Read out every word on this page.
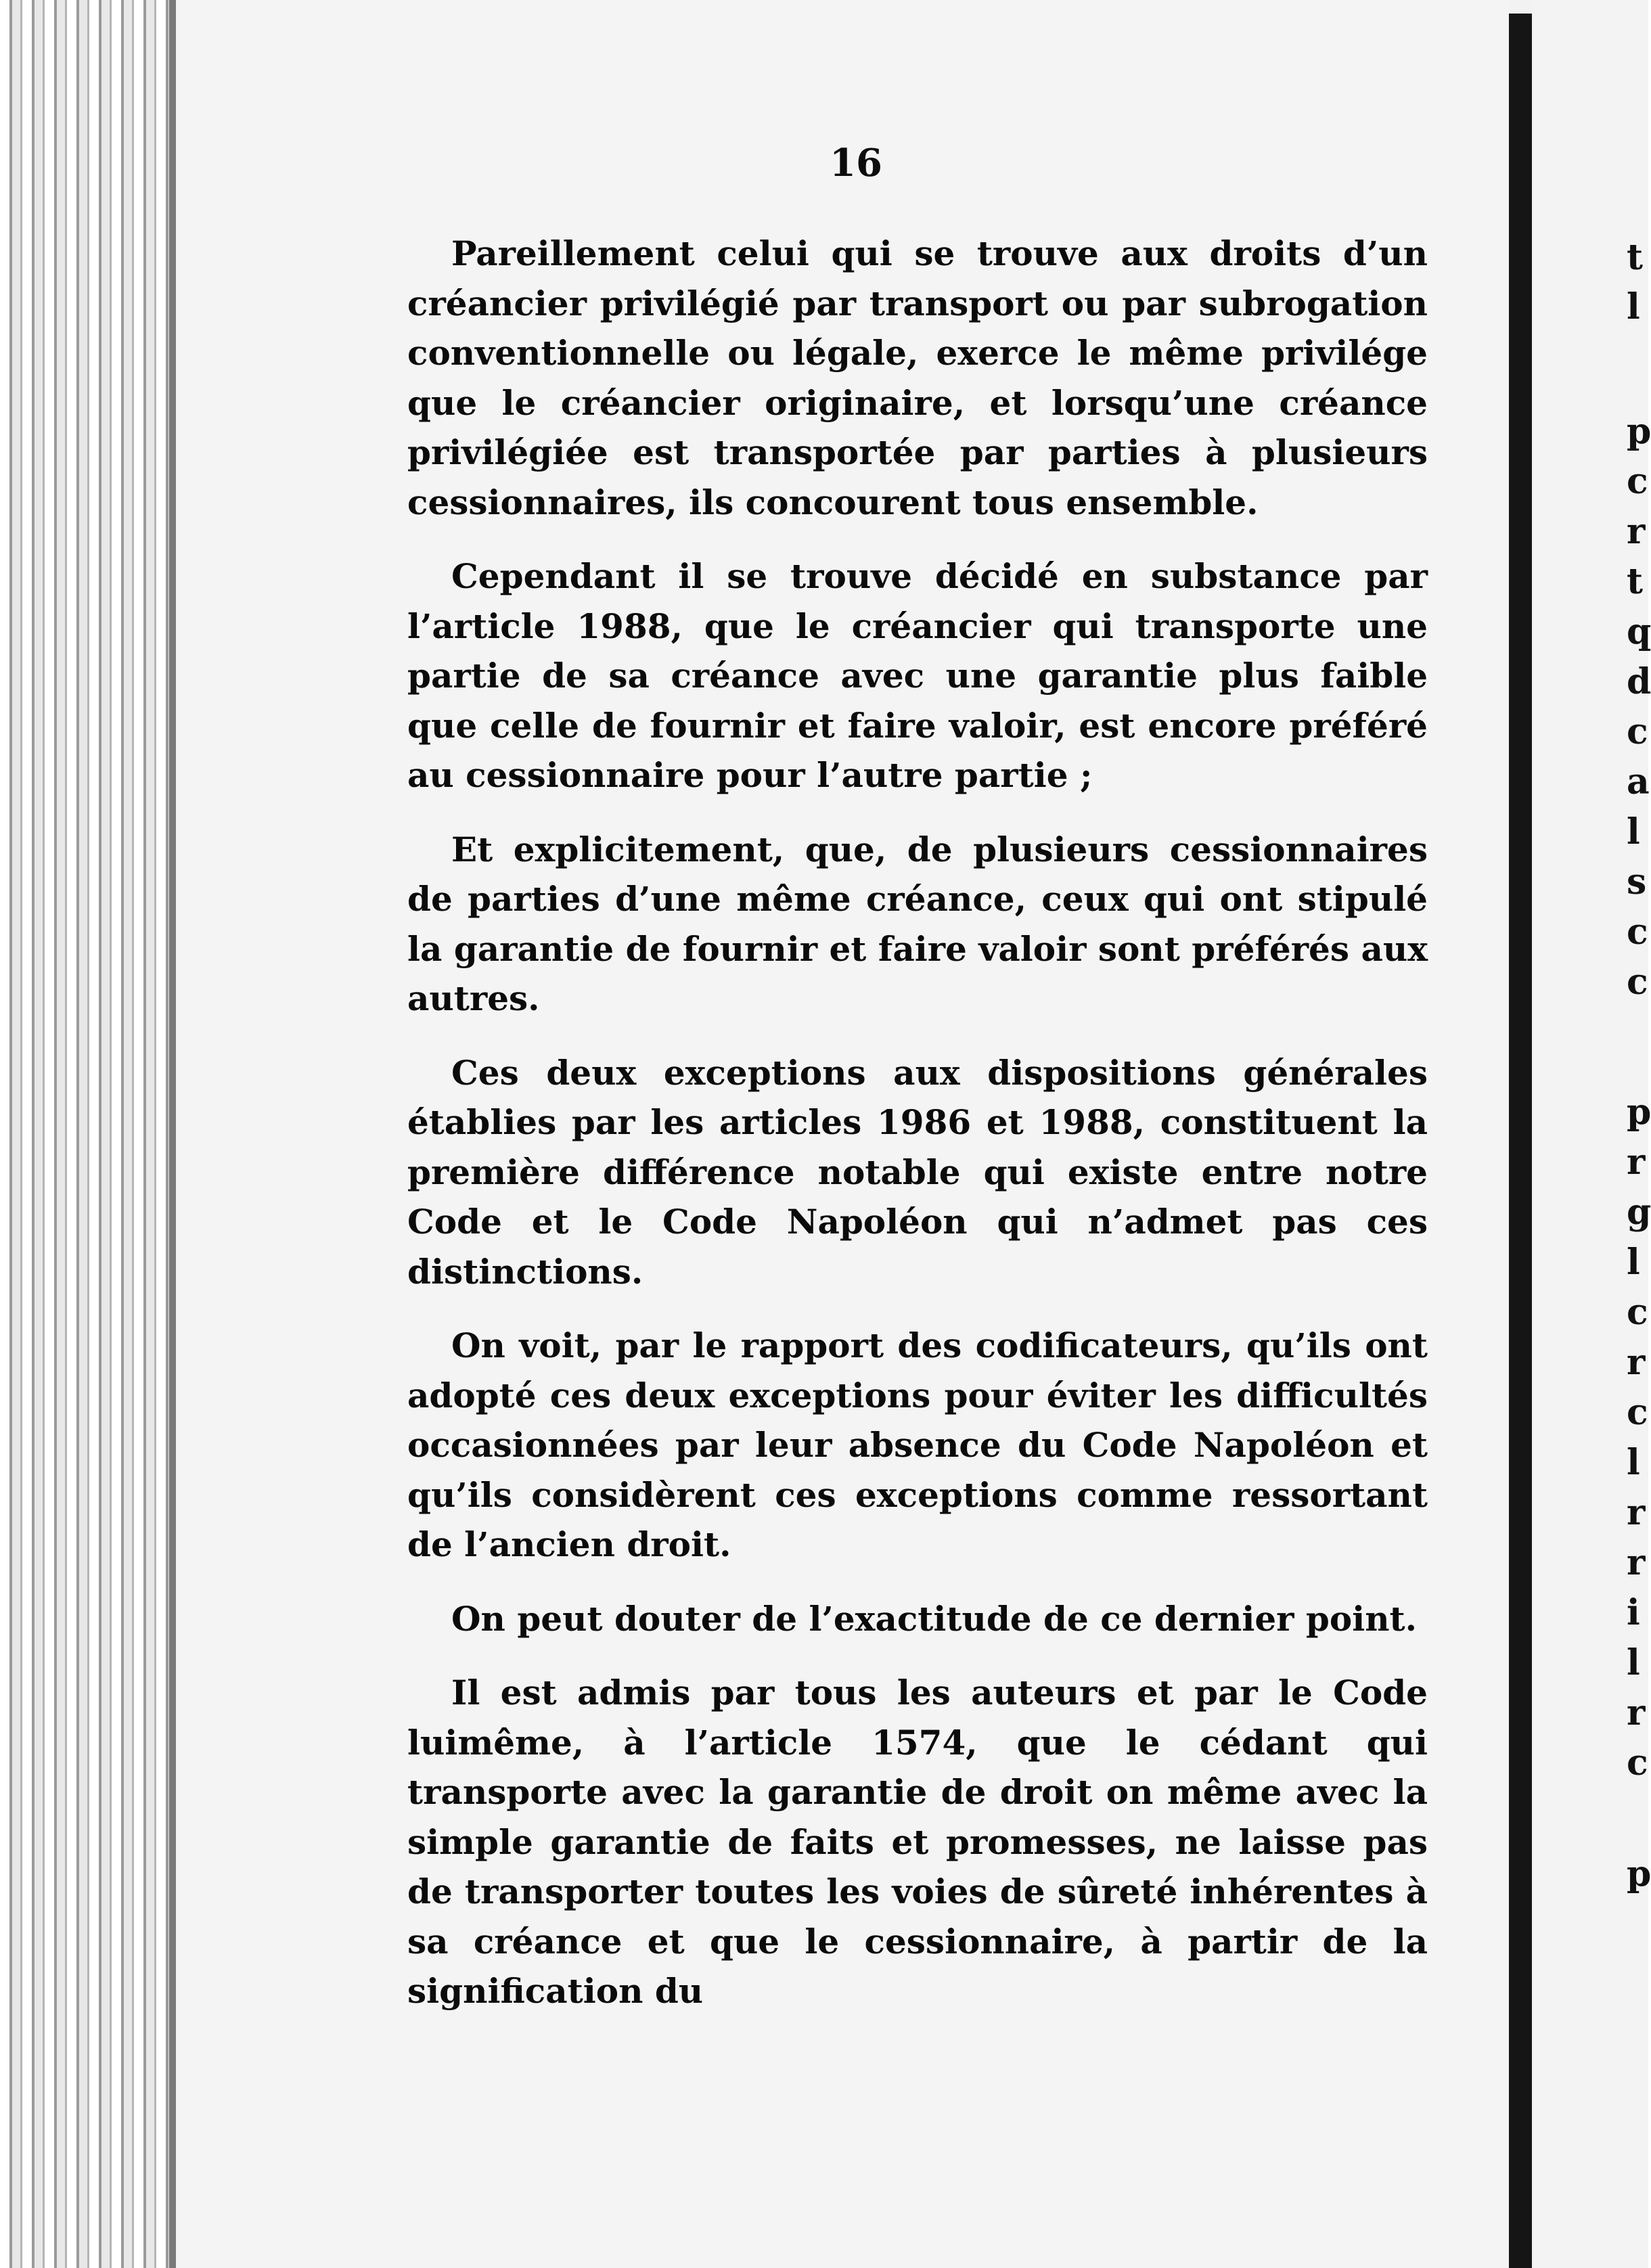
16

Pareillement celui qui se trouve aux droits d’un créancier privilégié par transport ou par subrogation conventionnelle ou légale, exerce le même privilége que le créancier originaire, et lorsqu’une créance privilégiée est transportée par parties à plusieurs cessionnaires, ils concourent tous ensemble.

Cependant il se trouve décidé en substance par l’article 1988, que le créancier qui transporte une partie de sa créance avec une garantie plus faible que celle de fournir et faire valoir, est encore préféré au cessionnaire pour l’autre partie ;

Et explicitement, que, de plusieurs cessionnaires de parties d’une même créance, ceux qui ont stipulé la garantie de fournir et faire valoir sont préférés aux autres.

Ces deux exceptions aux dispositions générales établies par les articles 1986 et 1988, constituent la première différence notable qui existe entre notre Code et le Code Napoléon qui n’admet pas ces distinctions.

On voit, par le rapport des codificateurs, qu’ils ont adopté ces deux exceptions pour éviter les difficultés occasionnées par leur absence du Code Napoléon et qu’ils considèrent ces exceptions comme ressortant de l’ancien droit.

On peut douter de l’exactitude de ce dernier point.

Il est admis par tous les auteurs et par le Code luimême, à l’article 1574, que le cédant qui transporte avec la garantie de droit on même avec la simple garantie de faits et promesses, ne laisse pas de transporter toutes les voies de sûreté inhérentes à sa créance et que le cessionnaire, à partir de la signification du

t
l
p
c
r
t
q
d
c
a
l
s
c
c
p
r
g
l
c
r
c
l
r
r
i
l
r
c
p
